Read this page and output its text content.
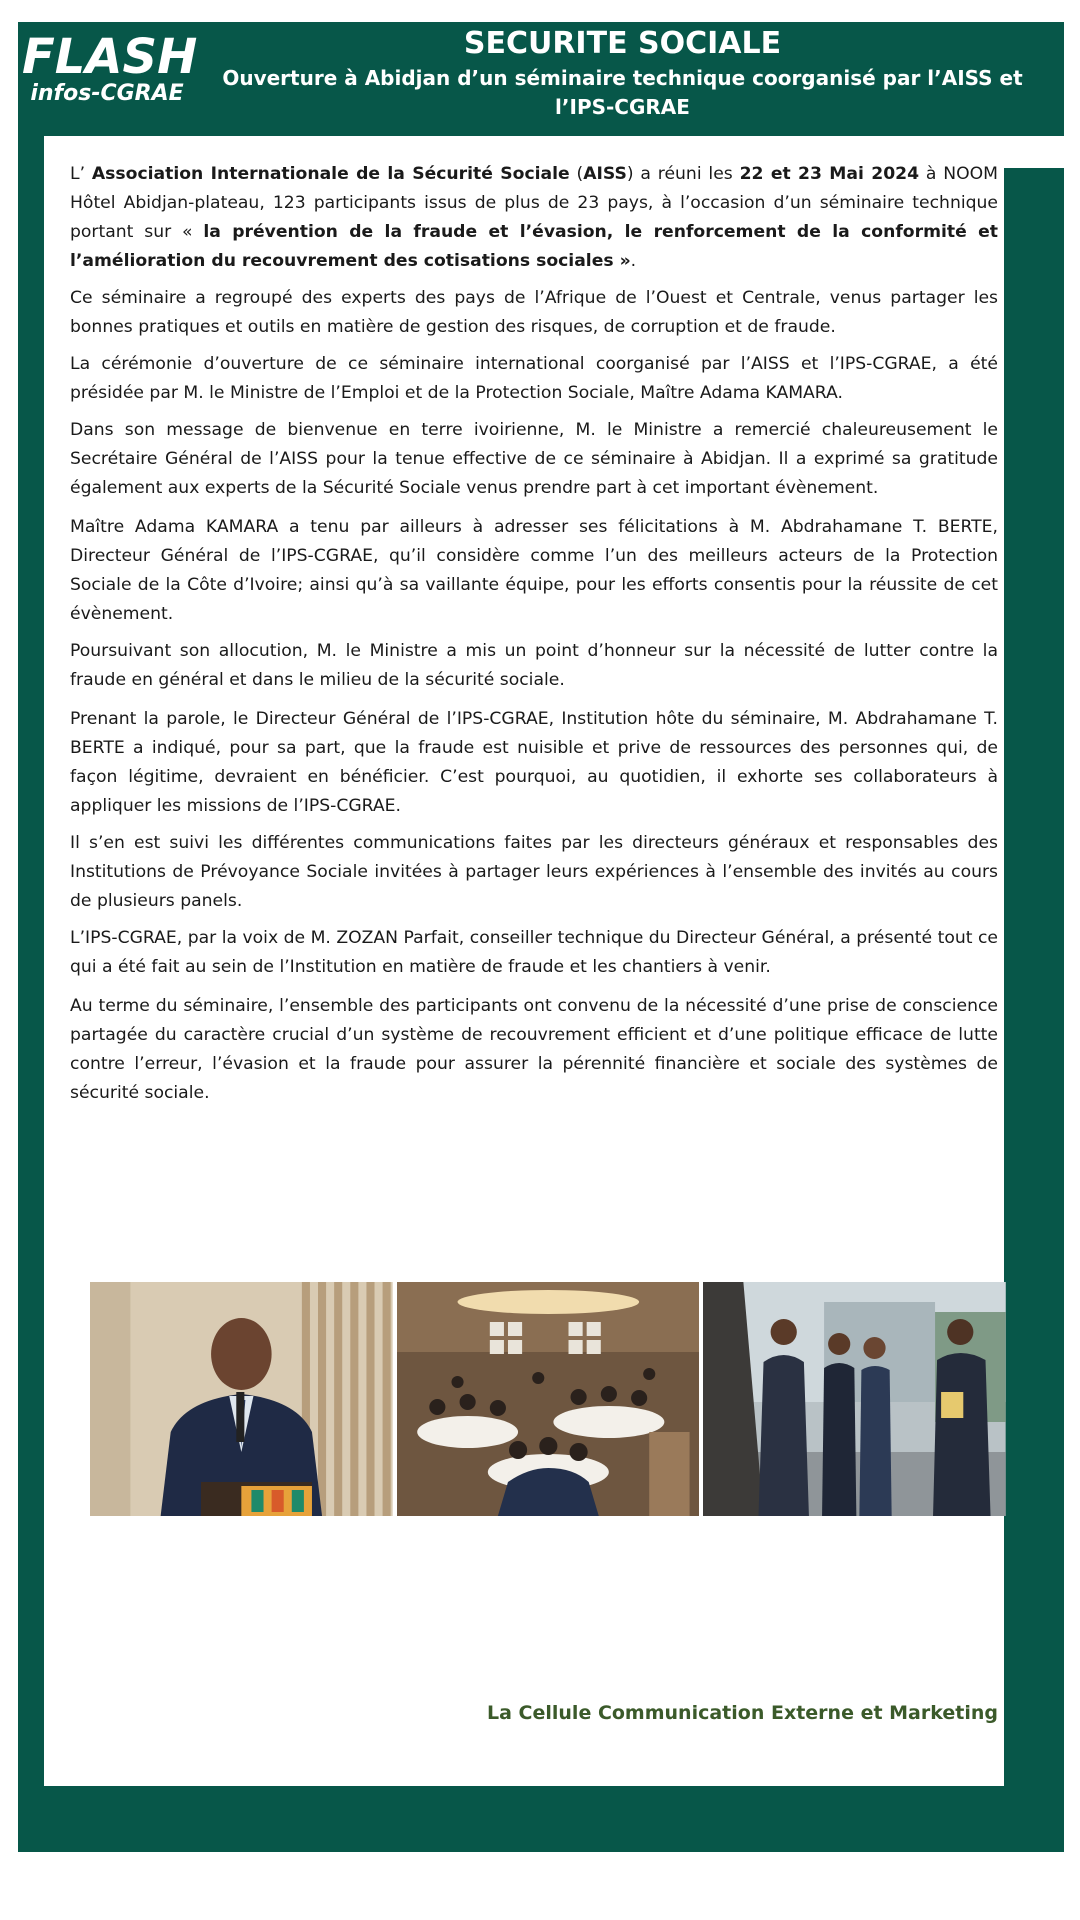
FLASH
infos-CGRAE
SECURITE SOCIALE
Ouverture à Abidjan d’un séminaire technique coorganisé par l’AISS et l’IPS-CGRAE

L’ Association Internationale de la Sécurité Sociale (AISS) a réuni les 22 et 23 Mai 2024 à NOOM Hôtel Abidjan-plateau, 123 participants issus de plus de 23 pays, à l’occasion d’un séminaire technique portant sur « la prévention de la fraude et l’évasion, le renforcement de la conformité et l’amélioration du recouvrement des cotisations sociales ».

Ce séminaire a regroupé des experts des pays de l’Afrique de l’Ouest et Centrale, venus partager les bonnes pratiques et outils en matière de gestion des risques, de corruption et de fraude.

La cérémonie d’ouverture de ce séminaire international coorganisé par l’AISS et l’IPS-CGRAE, a été présidée par M. le Ministre de l’Emploi et de la Protection Sociale, Maître Adama KAMARA.

Dans son message de bienvenue en terre ivoirienne, M. le Ministre a remercié chaleureusement le Secrétaire Général de l’AISS pour la tenue effective de ce séminaire à Abidjan. Il a exprimé sa gratitude également aux experts de la Sécurité Sociale venus prendre part à cet important évènement.

Maître Adama KAMARA a tenu par ailleurs à adresser ses félicitations à M. Abdrahamane T. BERTE, Directeur Général de l’IPS-CGRAE, qu’il considère comme l’un des meilleurs acteurs de la Protection Sociale de la Côte d’Ivoire; ainsi qu’à sa vaillante équipe, pour les efforts consentis pour la réussite de cet évènement.

Poursuivant son allocution, M. le Ministre a mis un point d’honneur sur la nécessité de lutter contre la fraude en général et dans le milieu de la sécurité sociale.

Prenant la parole, le Directeur Général de l’IPS-CGRAE, Institution hôte du séminaire, M. Abdrahamane T. BERTE a indiqué, pour sa part, que la fraude est nuisible et prive de ressources des personnes qui, de façon légitime, devraient en bénéficier. C’est pourquoi, au quotidien, il exhorte ses collaborateurs à appliquer les missions de l’IPS-CGRAE.

Il s’en est suivi les différentes communications faites par les directeurs généraux et responsables des Institutions de Prévoyance Sociale invitées à partager leurs expériences à l’ensemble des invités au cours de plusieurs panels.

L’IPS-CGRAE, par la voix de M. ZOZAN Parfait, conseiller technique du Directeur Général, a présenté tout ce qui a été fait au sein de l’Institution en matière de fraude et les chantiers à venir.

Au terme du séminaire, l’ensemble des participants ont convenu de la nécessité d’une prise de conscience partagée du caractère crucial d’un système de recouvrement efficient et d’une politique efficace de lutte contre l’erreur, l’évasion et la fraude pour assurer la pérennité financière et sociale des systèmes de sécurité sociale.

La Cellule Communication Externe et Marketing
